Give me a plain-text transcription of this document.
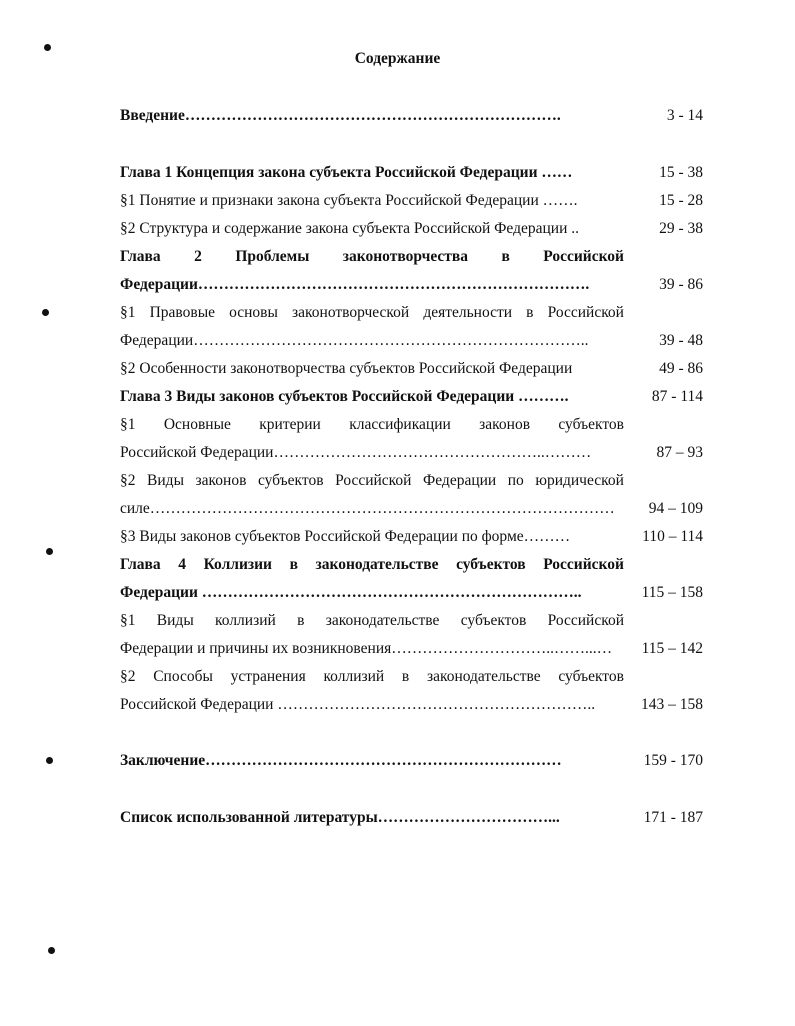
Содержание
Введение……………………………………………………………….	3 - 14
Глава 1 Концепция закона субъекта Российской Федерации ……	15 - 38
§1 Понятие и признаки закона субъекта Российской Федерации …….	15 - 28
§2 Структура и содержание закона субъекта Российской Федерации ..	29 - 38
Глава 2 Проблемы законотворчества в Российской
Федерации………………………………………………………………….	39 - 86
§1 Правовые основы законотворческой деятельности в Российской
Федерации…………………………………………………………………..	39 - 48
§2 Особенности законотворчества субъектов Российской Федерации	49 - 86
Глава 3 Виды законов субъектов Российской Федерации ……….	87 - 114
§1 Основные критерии классификации законов субъектов
Российской Федерации……………………………………………..………	87 – 93
§2 Виды законов субъектов Российской Федерации по юридической
силе………………………………………………………………………………	94 – 109
§3 Виды законов субъектов Российской Федерации по форме………	110 – 114
Глава 4 Коллизии в законодательстве субъектов Российской
Федерации ………………………………………………………………..	115 – 158
§1 Виды коллизий в законодательстве субъектов Российской
Федерации и причины их возникновения…………………………..……...…	115 – 142
§2 Способы устранения коллизий в законодательстве субъектов
Российской Федерации ……………………………………………………..	143 – 158
Заключение……………………………………………………………	159 - 170
Список использованной литературы……………………………...	171 - 187
